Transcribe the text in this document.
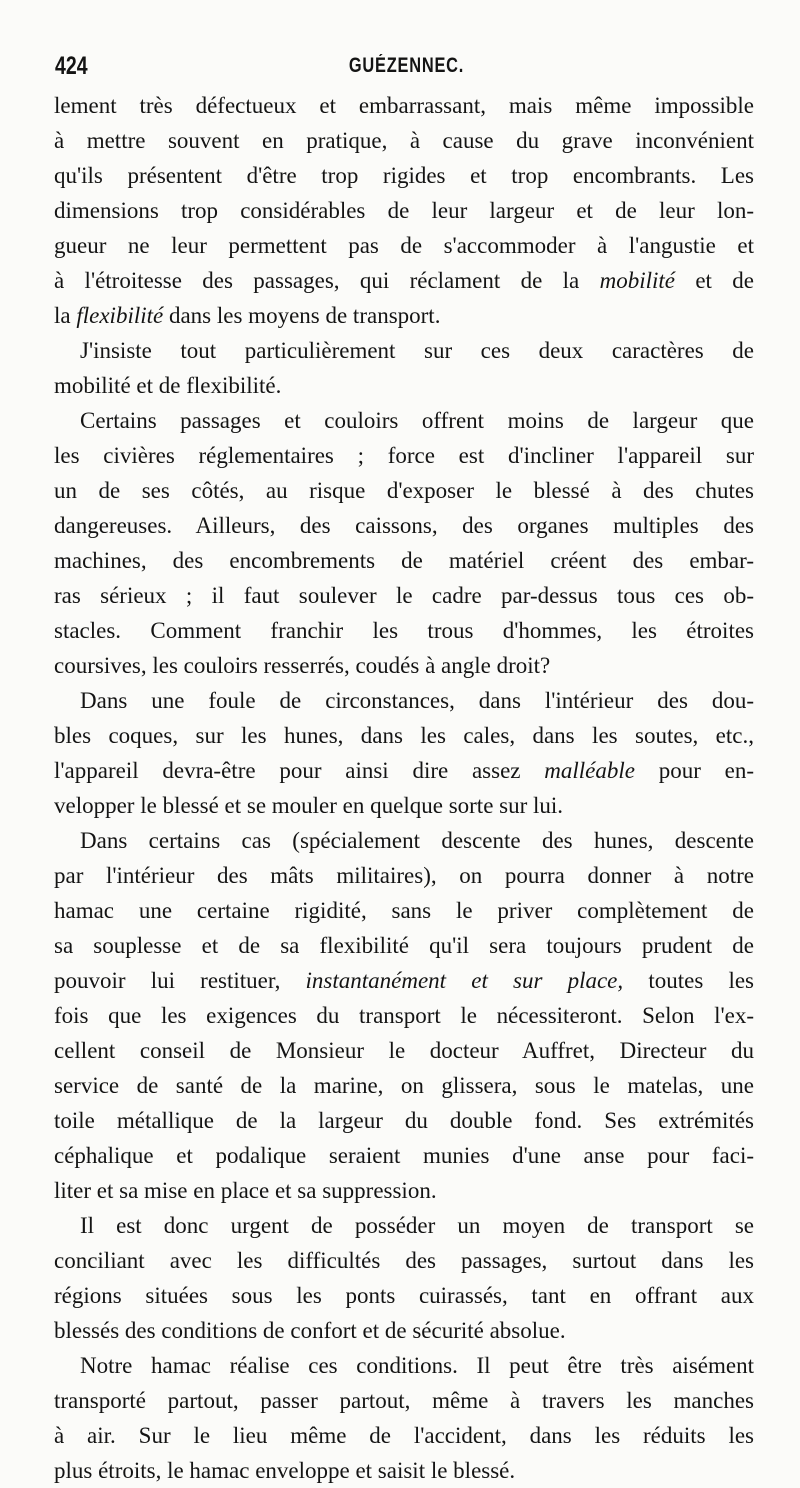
424	GUÉZENNEC.
lement très défectueux et embarrassant, mais même impossible
à mettre souvent en pratique, à cause du grave inconvénient
qu'ils présentent d'être trop rigides et trop encombrants. Les
dimensions trop considérables de leur largeur et de leur lon-
gueur ne leur permettent pas de s'accommoder à l'angustie et
à l'étroitesse des passages, qui réclament de la mobilité et de
la flexibilité dans les moyens de transport.
J'insiste tout particulièrement sur ces deux caractères de
mobilité et de flexibilité.
Certains passages et couloirs offrent moins de largeur que
les civières réglementaires ; force est d'incliner l'appareil sur
un de ses côtés, au risque d'exposer le blessé à des chutes
dangereuses. Ailleurs, des caissons, des organes multiples des
machines, des encombrements de matériel créent des embar-
ras sérieux ; il faut soulever le cadre par-dessus tous ces ob-
stacles. Comment franchir les trous d'hommes, les étroites
coursives, les couloirs resserrés, coudés à angle droit?
Dans une foule de circonstances, dans l'intérieur des dou-
bles coques, sur les hunes, dans les cales, dans les soutes, etc.,
l'appareil devra-être pour ainsi dire assez malléable pour en-
velopper le blessé et se mouler en quelque sorte sur lui.
Dans certains cas (spécialement descente des hunes, descente
par l'intérieur des mâts militaires), on pourra donner à notre
hamac une certaine rigidité, sans le priver complètement de
sa souplesse et de sa flexibilité qu'il sera toujours prudent de
pouvoir lui restituer, instantanément et sur place, toutes les
fois que les exigences du transport le nécessiteront. Selon l'ex-
cellent conseil de Monsieur le docteur Auffret, Directeur du
service de santé de la marine, on glissera, sous le matelas, une
toile métallique de la largeur du double fond. Ses extrémités
céphalique et podalique seraient munies d'une anse pour faci-
liter et sa mise en place et sa suppression.
Il est donc urgent de posséder un moyen de transport se
conciliant avec les difficultés des passages, surtout dans les
régions situées sous les ponts cuirassés, tant en offrant aux
blessés des conditions de confort et de sécurité absolue.
Notre hamac réalise ces conditions. Il peut être très aisément
transporté partout, passer partout, même à travers les manches
à air. Sur le lieu même de l'accident, dans les réduits les
plus étroits, le hamac enveloppe et saisit le blessé.
